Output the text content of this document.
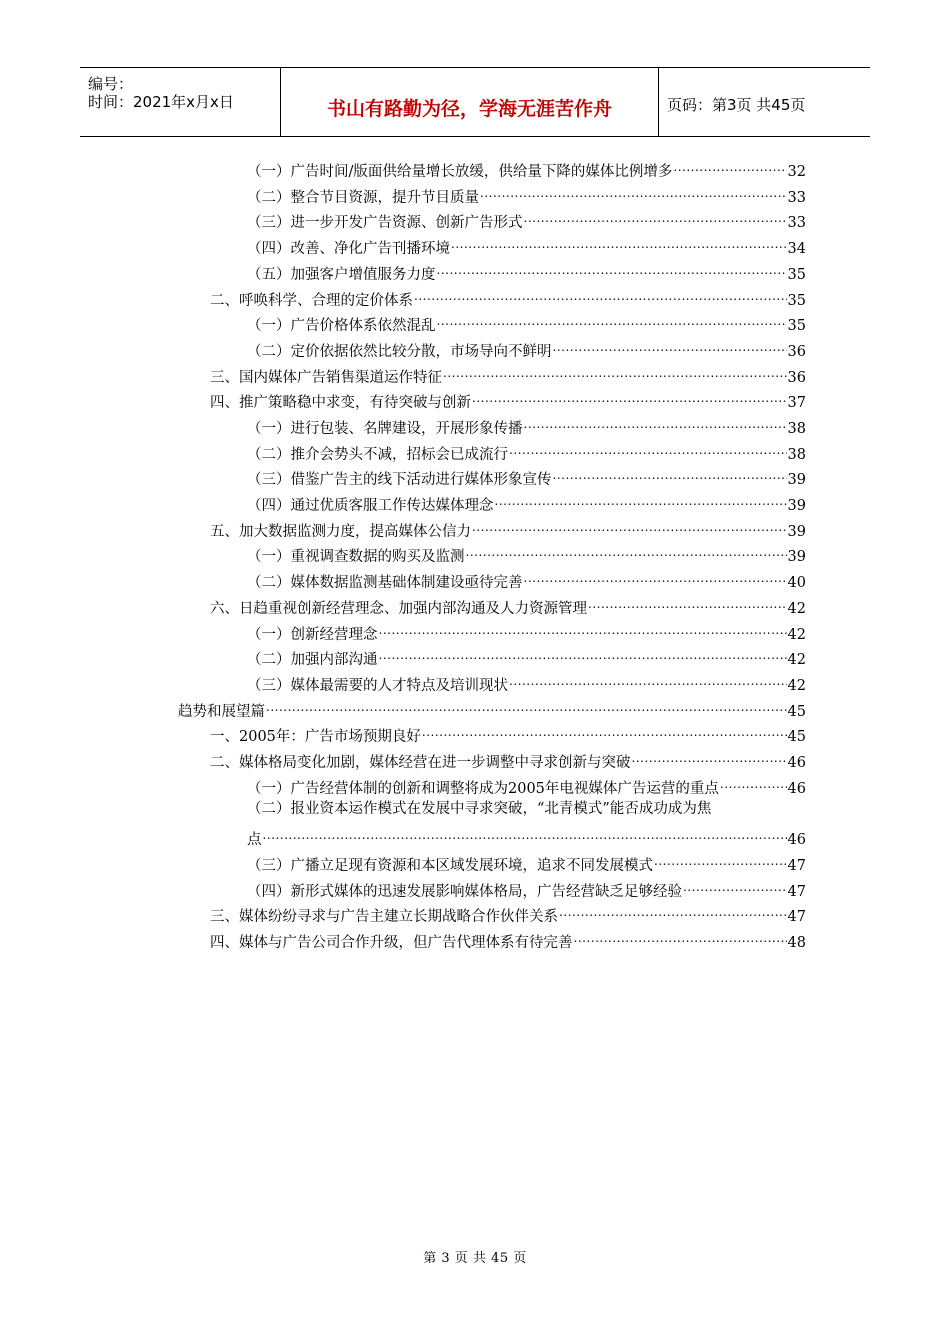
编号：
时间：2021年x月x日	书山有路勤为径，学海无涯苦作舟	页码：第3页 共45页
（一）广告时间/版面供给量增长放缓，供给量下降的媒体比例增多 .....	32
（二）整合节目资源，提升节目质量 .....	33
（三）进一步开发广告资源、创新广告形式 .....	33
（四）改善、净化广告刊播环境 .....	34
（五）加强客户增值服务力度 .....	35
二、呼唤科学、合理的定价体系 .....	35
（一）广告价格体系依然混乱 .....	35
（二）定价依据依然比较分散，市场导向不鲜明 .....	36
三、国内媒体广告销售渠道运作特征 .....	36
四、推广策略稳中求变，有待突破与创新 .....	37
（一）进行包装、名牌建设，开展形象传播 .....	38
（二）推介会势头不减，招标会已成流行 .....	38
（三）借鉴广告主的线下活动进行媒体形象宣传 .....	39
（四）通过优质客服工作传达媒体理念 .....	39
五、加大数据监测力度，提高媒体公信力 .....	39
（一）重视调查数据的购买及监测 .....	39
（二）媒体数据监测基础体制建设亟待完善 .....	40
六、日趋重视创新经营理念、加强内部沟通及人力资源管理 .....	42
（一）创新经营理念 .....	42
（二）加强内部沟通 .....	42
（三）媒体最需要的人才特点及培训现状 .....	42
趋势和展望篇 .....	45
一、2005年：广告市场预期良好 .....	45
二、媒体格局变化加剧，媒体经营在进一步调整中寻求创新与突破 .....	46
（一）广告经营体制的创新和调整将成为2005年电视媒体广告运营的重点 .....	46
（二）报业资本运作模式在发展中寻求突破，“北青模式”能否成功成为焦
点 .....	46
（三）广播立足现有资源和本区域发展环境，追求不同发展模式 .....	47
（四）新形式媒体的迅速发展影响媒体格局，广告经营缺乏足够经验 .....	47
三、媒体纷纷寻求与广告主建立长期战略合作伙伴关系 .....	47
四、媒体与广告公司合作升级，但广告代理体系有待完善 .....	48
第 3 页 共 45 页
